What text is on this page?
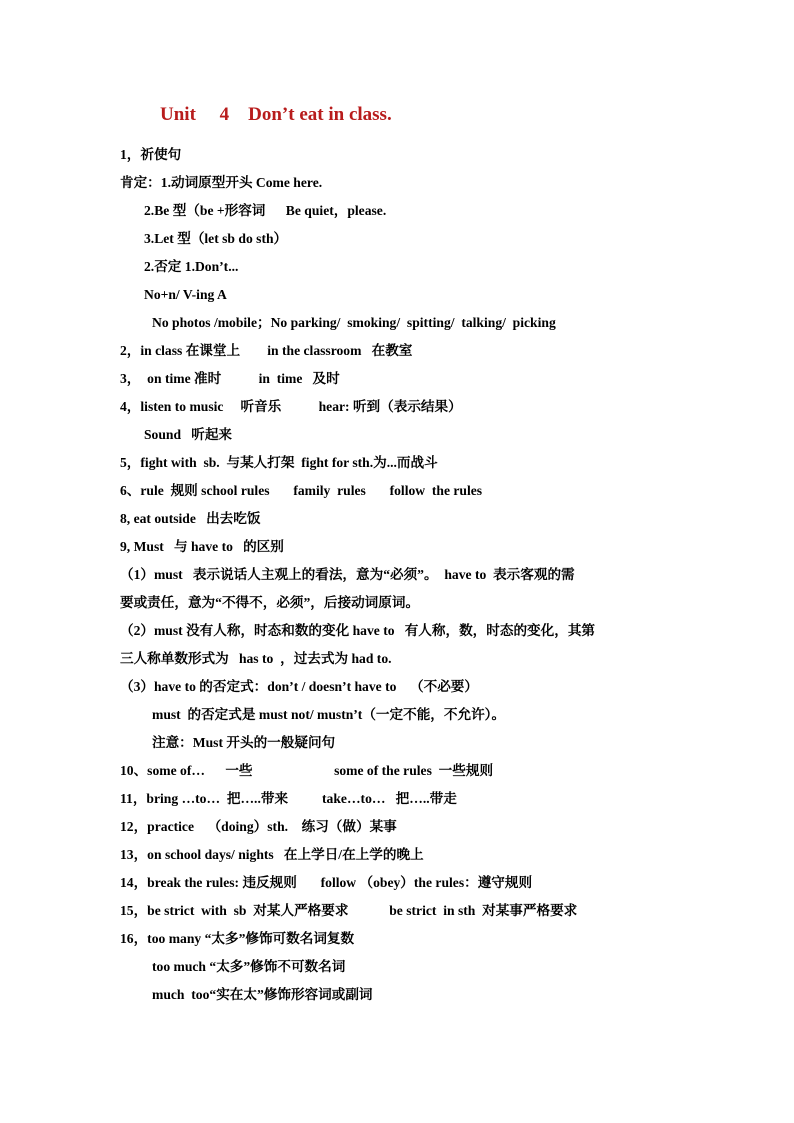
Unit     4    Don’t eat in class.
1，祈使句
肯定：1.动词原型开头 Come here.
2.Be 型（be +形容词      Be quiet，please.
3.Let 型（let sb do sth）
2.否定 1.Don’t...
No+n/ V-ing A
No photos /mobile；No parking/  smoking/  spitting/  talking/  picking
2，in class 在课堂上        in the classroom   在教室
3，  on time 准时           in  time   及时
4，listen to music     听音乐           hear: 听到（表示结果）
Sound   听起来
5，fight with  sb.  与某人打架  fight for sth.为...而战斗
6、rule  规则 school rules       family  rules       follow  the rules
8, eat outside   出去吃饭
9, Must   与 have to   的区别
（1）must   表示说话人主观上的看法，意为“必须”。  have to  表示客观的需
要或责任，意为“不得不，必须”，后接动词原词。
（2）must 没有人称，时态和数的变化 have to   有人称，数，时态的变化，其第
三人称单数形式为   has to  ，过去式为 had to.
（3）have to 的否定式：don’t / doesn’t have to    （不必要）
must  的否定式是 must not/ mustn’t（一定不能，不允许）。
注意：Must 开头的一般疑问句
10、some of…      一些                        some of the rules  一些规则
11，bring …to…  把…..带来          take…to…   把…..带走
12，practice    （doing）sth.    练习（做）某事
13，on school days/ nights   在上学日/在上学的晚上
14，break the rules: 违反规则       follow （obey）the rules：遵守规则
15，be strict  with  sb  对某人严格要求            be strict  in sth  对某事严格要求
16，too many “太多”修饰可数名词复数
too much “太多”修饰不可数名词
much  too“实在太”修饰形容词或副词
